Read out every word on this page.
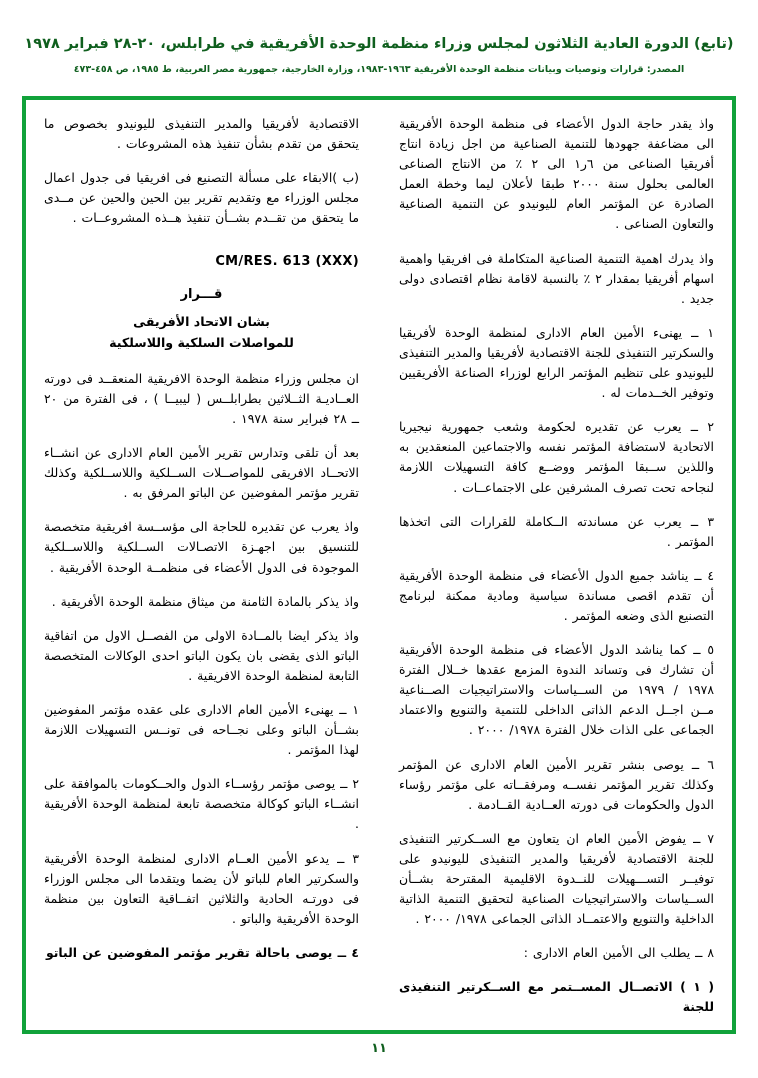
(تابع) الدورة العادية الثلاثون لمجلس وزراء منظمة الوحدة الأفريقية في طرابلس، ٢٠-٢٨ فبراير ١٩٧٨
المصدر: قرارات وتوصيات وبيانات منظمة الوحدة الأفريقية ١٩٦٣-١٩٨٣، وزارة الخارجية، جمهورية مصر العربية، ط ١٩٨٥، ص ٤٥٨-٤٧٣

واذ يقدر حاجة الدول الأعضاء فى منظمة الوحدة الأفريقية الى مضاعفة جهودها للتنمية الصناعية من اجل زيادة انتاج أفريقيا الصناعى من ٦ر١ الى ٢ ٪ من الانتاج الصناعى العالمى بحلول سنة ٢٠٠٠ طبقا لأعلان ليما وخطة العمل الصادرة عن المؤتمر العام لليونيدو عن التنمية الصناعية والتعاون الصناعى .

واذ يدرك اهمية التنمية الصناعية المتكاملة فى افريقيا واهمية اسهام أفريقيا بمقدار ٢ ٪ بالنسبة لاقامة نظام اقتصادى دولى جديد .

١ ــ يهنىء الأمين العام الادارى لمنظمة الوحدة لأفريقيا والسكرتير التنفيذى للجنة الاقتصادية لأفريقيا والمدير التنفيذى لليونيدو على تنظيم المؤتمر الرابع لوزراء الصناعة الأفريقيين وتوفير الخــدمات له .

٢ ــ يعرب عن تقديره لحكومة وشعب جمهورية نيجيريا الاتحادية لاستضافة المؤتمر نفسه والاجتماعين المنعقدين به واللذين ســبقا المؤتمر ووضــع كافة التسهيلات اللازمة لنجاحه تحت تصرف المشرفين على الاجتماعــات .

٣ ــ يعرب عن مساندته الــكاملة للقرارات التى اتخذها المؤتمر .

٤ ــ يناشد جميع الدول الأعضاء فى منظمة الوحدة الأفريقية أن تقدم اقصى مساندة سياسية ومادية ممكنة لبرنامج التصنيع الذى وضعه المؤتمر .

٥ ــ كما يناشد الدول الأعضاء فى منظمة الوحدة الأفريقية أن تشارك فى وتساند الندوة المزمع عقدها خــلال الفترة ١٩٧٨ / ١٩٧٩ من الســياسات والاستراتيجيات الصــناعية مــن اجــل الدعم الذاتى الداخلى للتنمية والتنويع والاعتماد الجماعى على الذات خلال الفترة ١٩٧٨/ ٢٠٠٠ .

٦ ــ يوصى بنشر تقرير الأمين العام الادارى عن المؤتمر وكذلك تقرير المؤتمر نفســه ومرفقــاته على مؤتمر رؤساء الدول والحكومات فى دورته العــادية القــادمة .

٧ ــ يفوض الأمين العام ان يتعاون مع الســكرتير التنفيذى للجنة الاقتصادية لأفريقيا والمدير التنفيذى لليونيدو على توفيــر التســـهيلات للنــدوة الاقليمية المقترحة بشــأن الســياسات والاستراتيجيات الصناعية لتحقيق التنمية الذاتية الداخلية والتنويع والاعتمــاد الذاتى الجماعى ١٩٧٨/ ٢٠٠٠ .

٨ ــ يطلب الى الأمين العام الادارى :

( ١ ) الاتصــال المســتمر مع الســكرتير التنفيذى للجنة

الاقتصادية لأفريقيا والمدير التنفيذى لليونيدو بخصوص ما يتحقق من تقدم بشأن تنفيذ هذه المشروعات .

(ب )الابقاء على مسألة التصنيع فى افريقيا فى جدول اعمال مجلس الوزراء مع وتقديم تقرير بين الحين والحين عن مــدى ما يتحقق من تقــدم بشــأن تنفيذ هــذه المشروعــات .

CM/RES. 613 (XXX)
قـــرار
بشان الاتحاد الأفريقى
للمواصلات السلكية واللاسلكية

ان مجلس وزراء منظمة الوحدة الافريقية المنعقــد فى دورته العــاديـة الثــلاثين بطرابلــس ( ليبيــا ) ، فى الفترة من ٢٠ ــ ٢٨ فبراير سنة ١٩٧٨ .

بعد أن تلقى وتدارس تقرير الأمين العام الادارى عن انشــاء الاتحــاد الافريقى للمواصــلات الســلكية واللاســلكية وكذلك تقرير مؤتمر المفوضين عن الباتو المرفق به .

واذ يعرب عن تقديره للحاجة الى مؤســسة افريقية متخصصة للتنسيق بين اجهـزة الاتصـالات الســلكية واللاســلكية الموجودة فى الدول الأعضاء فى منظمــة الوحدة الأفريقية .

واذ يذكر بالمادة الثامنة من ميثاق منظمة الوحدة الأفريقية .

واذ يذكر ايضا بالمــادة الاولى من الفصــل الاول من اتفاقية الباتو الذى يقضى بان يكون الباتو احدى الوكالات المتخصصة التابعة لمنظمة الوحدة الافريقية .

١ ــ يهنىء الأمين العام الادارى على عقده مؤتمر المفوضين بشــأن الباتو وعلى نجــاحه فى تونــس التسهيلات اللازمة لهذا المؤتمر .

٢ ــ يوصى مؤتمر رؤســاء الدول والحــكومات بالموافقة على انشــاء الباتو كوكالة متخصصة تابعة لمنظمة الوحدة الأفريقية .

٣ ــ يدعو الأمين العــام الادارى لمنظمة الوحدة الأفريقية والسكرتير العام للباتو لأن يضما ويتقدما الى مجلس الوزراء فى دورتـه الحادية والثلاثين اتفــاقية التعاون بين منظمة الوحدة الأفريقية والباتو .

٤ ــ يوصى باحالة تقرير مؤتمر المفوضين عن الباتو

١١
